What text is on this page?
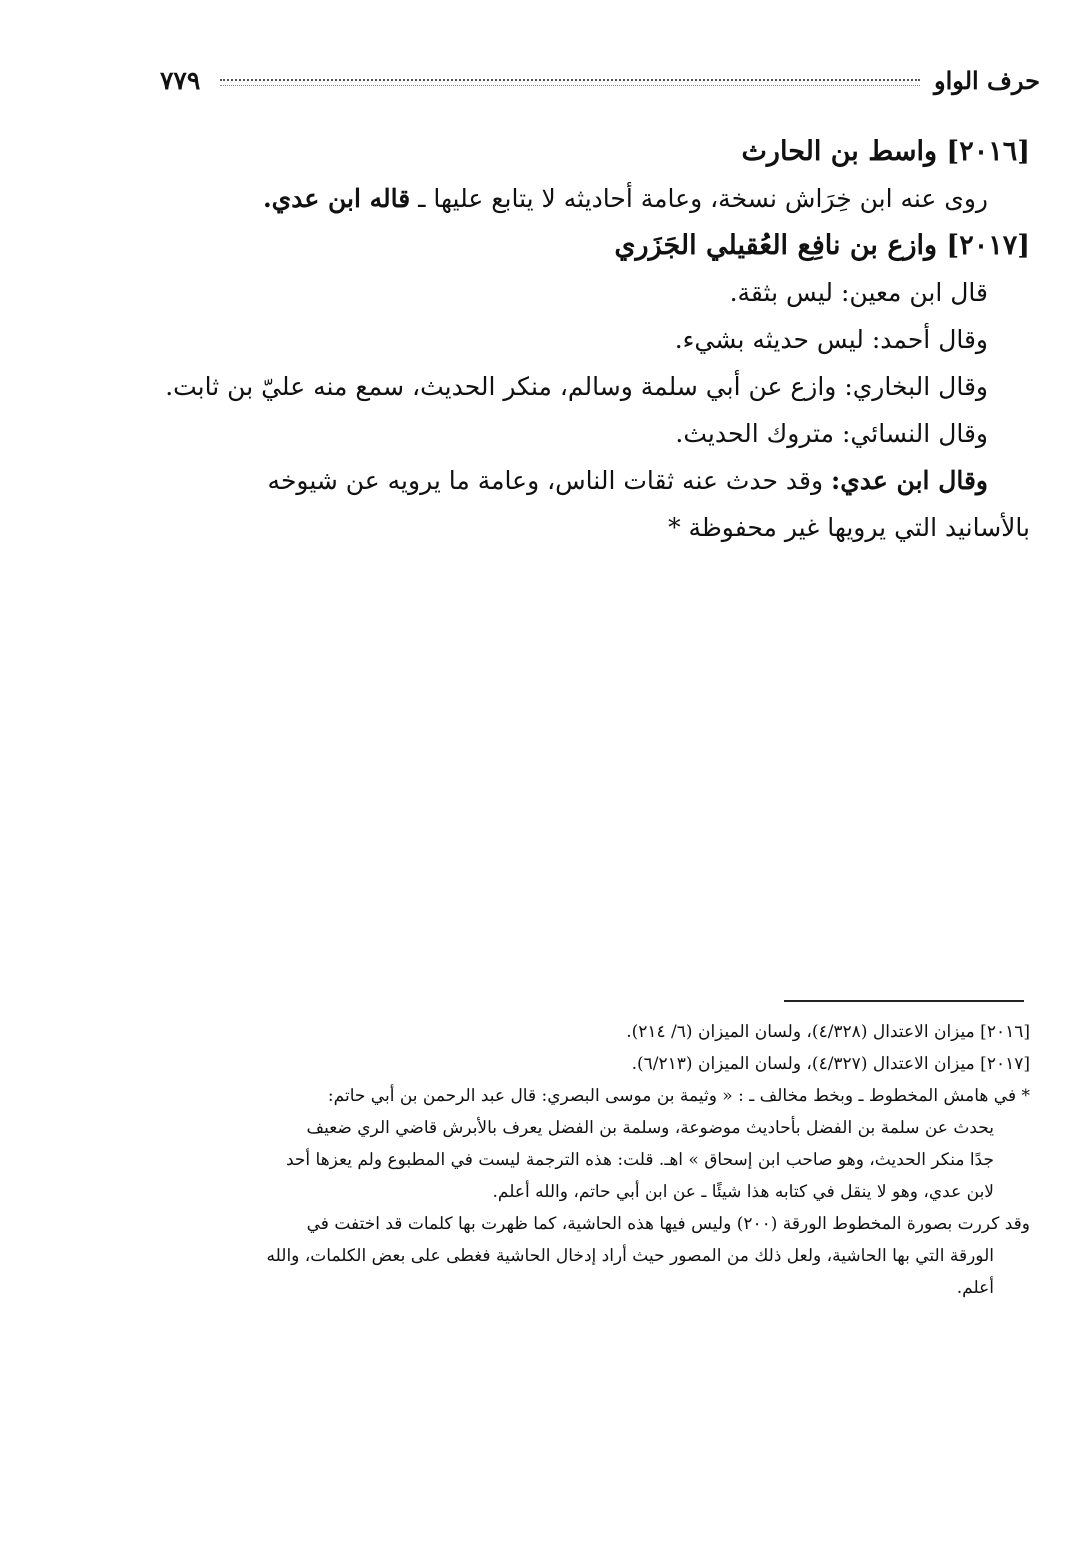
حرف الواو
٧٧٩
[٢٠١٦] واسط بن الحارث
روى عنه ابن خِرَاش نسخة، وعامة أحاديثه لا يتابع عليها ـ قاله ابن عدي.
[٢٠١٧] وازع بن نافِع العُقيلي الجَزَري
قال ابن معين: ليس بثقة.
وقال أحمد: ليس حديثه بشيء.
وقال البخاري: وازع عن أبي سلمة وسالم، منكر الحديث، سمع منه عليّ بن ثابت.
وقال النسائي: متروك الحديث.
وقال ابن عدي: وقد حدث عنه ثقات الناس، وعامة ما يرويه عن شيوخه
بالأسانيد التي يرويها غير محفوظة *
[٢٠١٦] ميزان الاعتدال (٤/٣٢٨)، ولسان الميزان (٦/ ٢١٤).
[٢٠١٧] ميزان الاعتدال (٤/٣٢٧)، ولسان الميزان (٦/٢١٣).
* في هامش المخطوط ـ وبخط مخالف ـ : « وثيمة بن موسى البصري: قال عبد الرحمن بن أبي حاتم:
يحدث عن سلمة بن الفضل بأحاديث موضوعة، وسلمة بن الفضل يعرف بالأبرش قاضي الري ضعيف
جدًا منكر الحديث، وهو صاحب ابن إسحاق » اهـ. قلت: هذه الترجمة ليست في المطبوع ولم يعزها أحد
لابن عدي، وهو لا ينقل في كتابه هذا شيئًا ـ عن ابن أبي حاتم، والله أعلم.
وقد كررت بصورة المخطوط الورقة (٢٠٠) وليس فيها هذه الحاشية، كما ظهرت بها كلمات قد اختفت في
الورقة التي بها الحاشية، ولعل ذلك من المصور حيث أراد إدخال الحاشية فغطى على بعض الكلمات، والله
أعلم.
